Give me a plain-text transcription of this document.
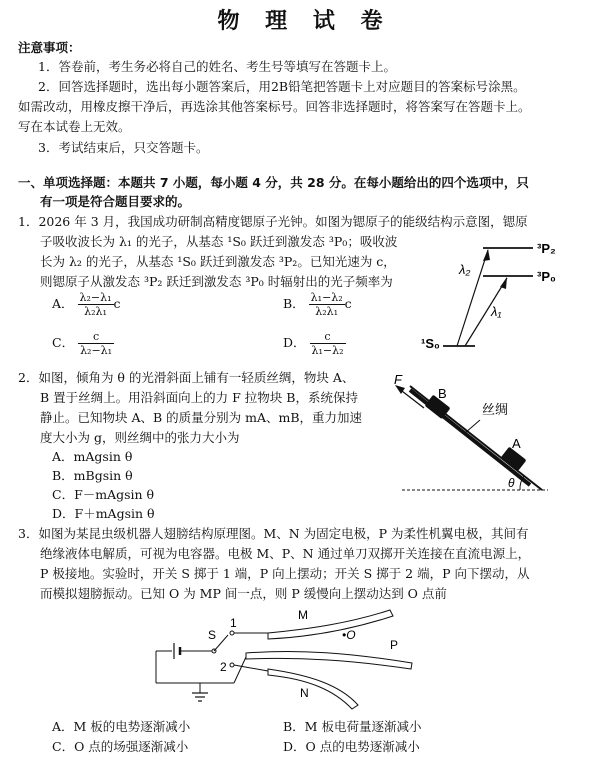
物 理 试 卷
注意事项：
1．答卷前，考生务必将自己的姓名、考生号等填写在答题卡上。
2．回答选择题时，选出每小题答案后，用2B铅笔把答题卡上对应题目的答案标号涂黑。
如需改动，用橡皮擦干净后，再选涂其他答案标号。回答非选择题时，将答案写在答题卡上。
写在本试卷上无效。
3．考试结束后，只交答题卡。
一、单项选择题：本题共 7 小题，每小题 4 分，共 28 分。在每小题给出的四个选项中，只
有一项是符合题目要求的。
1．2026 年 3 月，我国成功研制高精度锶原子光钟。如图为锶原子的能级结构示意图，锶原
子吸收波长为 λ₁ 的光子，从基态 ¹S₀ 跃迁到激发态 ³P₀；吸收波
长为 λ₂ 的光子，从基态 ¹S₀ 跃迁到激发态 ³P₂。已知光速为 c，
则锶原子从激发态 ³P₂ 跃迁到激发态 ³P₀ 时辐射出的光子频率为
A． $\frac{\text{λ₂−λ₁}}{\text{λ₂λ₁}}$ c	B． $\frac{\text{λ₁−λ₂}}{\text{λ₂λ₁}}$ c
C． $\frac{c}{\text{λ₂−λ₁}}$	D． $\frac{c}{\text{λ₁−λ₂}}$
³P₂
³P₀
¹S₀
λ₂
λ₁
2．如图，倾角为 θ 的光滑斜面上铺有一轻质丝绸，物块 A、
B 置于丝绸上。用沿斜面向上的力 F 拉物块 B，系统保持
静止。已知物块 A、B 的质量分别为 mA、mB，重力加速
度大小为 g，则丝绸中的张力大小为
A．mAgsin θ
B．mBgsin θ
C．F－mAgsin θ
D．F＋mAgsin θ
F
B
A
丝绸
θ
3．如图为某昆虫级机器人翅膀结构原理图。M、N 为固定电极，P 为柔性机翼电极，其间有
绝缘液体电解质，可视为电容器。电极 M、P、N 通过单刀双掷开关连接在直流电源上，
P 极接地。实验时，开关 S 掷于 1 端，P 向上摆动；开关 S 掷于 2 端，P 向下摆动，从
而模拟翅膀振动。已知 O 为 MP 间一点，则 P 缓慢向上摆动达到 O 点前
S
1
2
M
•O
P
N
A．M 板的电势逐渐减小	B．M 板电荷量逐渐减小
C．O 点的场强逐渐减小	D．O 点的电势逐渐减小
